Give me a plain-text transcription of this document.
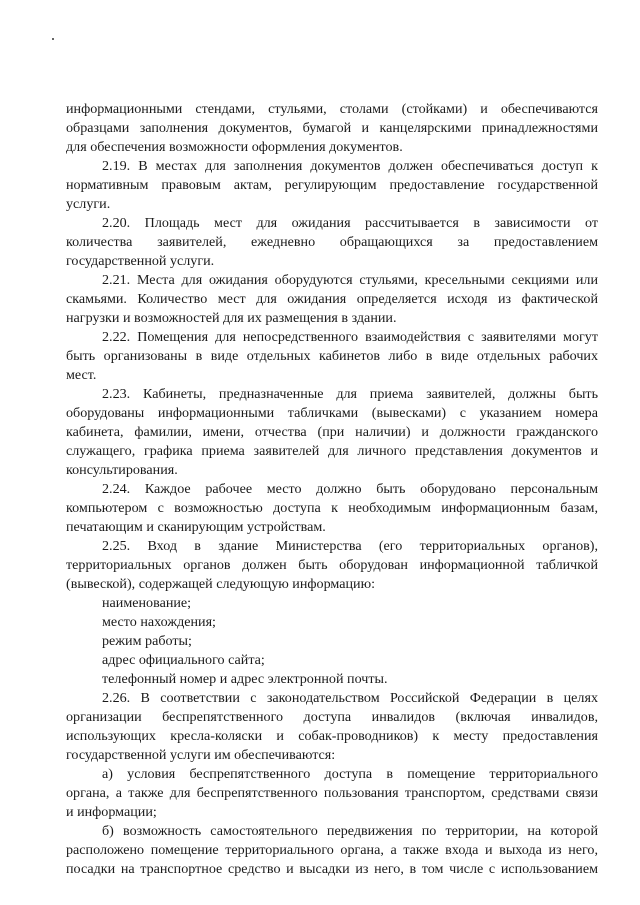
информационными стендами, стульями, столами (стойками) и обеспечиваются
образцами заполнения документов, бумагой и канцелярскими принадлежностями
для обеспечения возможности оформления документов.
2.19. В местах для заполнения документов должен обеспечиваться доступ к
нормативным правовым актам, регулирующим предоставление государственной
услуги.
2.20. Площадь мест для ожидания рассчитывается в зависимости от
количества заявителей, ежедневно обращающихся за предоставлением
государственной услуги.
2.21. Места для ожидания оборудуются стульями, кресельными секциями или
скамьями. Количество мест для ожидания определяется исходя из фактической
нагрузки и возможностей для их размещения в здании.
2.22. Помещения для непосредственного взаимодействия с заявителями могут
быть организованы в виде отдельных кабинетов либо в виде отдельных рабочих
мест.
2.23. Кабинеты, предназначенные для приема заявителей, должны быть
оборудованы информационными табличками (вывесками) с указанием номера
кабинета, фамилии, имени, отчества (при наличии) и должности гражданского
служащего, графика приема заявителей для личного представления документов и
консультирования.
2.24. Каждое рабочее место должно быть оборудовано персональным
компьютером с возможностью доступа к необходимым информационным базам,
печатающим и сканирующим устройствам.
2.25. Вход в здание Министерства (его территориальных органов),
территориальных органов должен быть оборудован информационной табличкой
(вывеской), содержащей следующую информацию:
наименование;
место нахождения;
режим работы;
адрес официального сайта;
телефонный номер и адрес электронной почты.
2.26. В соответствии с законодательством Российской Федерации в целях
организации беспрепятственного доступа инвалидов (включая инвалидов,
использующих кресла-коляски и собак-проводников) к месту предоставления
государственной услуги им обеспечиваются:
а) условия беспрепятственного доступа в помещение территориального
органа, а также для беспрепятственного пользования транспортом, средствами связи
и информации;
б) возможность самостоятельного передвижения по территории, на которой
расположено помещение территориального органа, а также входа и выхода из него,
посадки на транспортное средство и высадки из него, в том числе с использованием
